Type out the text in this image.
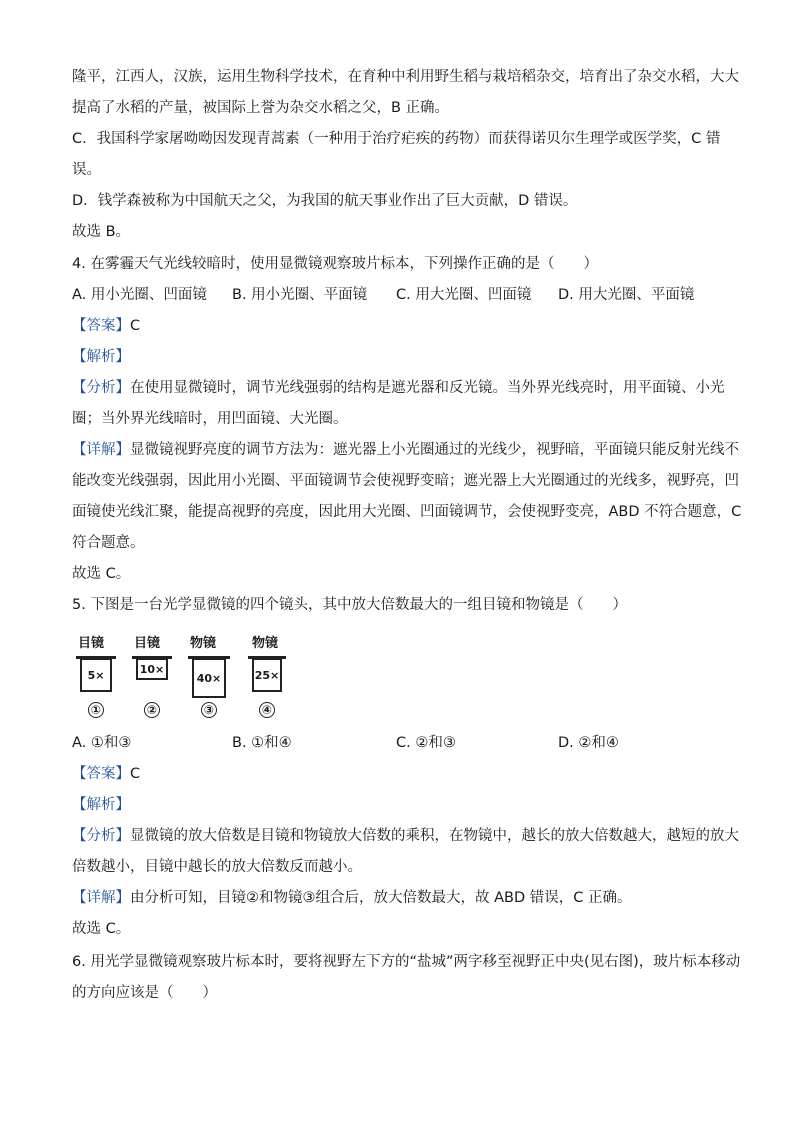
隆平，江西人，汉族，运用生物科学技术，在育种中利用野生稻与栽培稻杂交，培育出了杂交水稻，大大
提高了水稻的产量，被国际上誉为杂交水稻之父，B 正确。
C．我国科学家屠呦呦因发现青蒿素（一种用于治疗疟疾的药物）而获得诺贝尔生理学或医学奖，C 错
误。
D．钱学森被称为中国航天之父，为我国的航天事业作出了巨大贡献，D 错误。
故选 B。
4. 在雾霾天气光线较暗时，使用显微镜观察玻片标本，下列操作正确的是（　　）
A. 用小光圈、凹面镜 B. 用小光圈、平面镜 C. 用大光圈、凹面镜 D. 用大光圈、平面镜
【答案】C
【解析】
【分析】在使用显微镜时，调节光线强弱的结构是遮光器和反光镜。当外界光线亮时，用平面镜、小光
圈；当外界光线暗时，用凹面镜、大光圈。
【详解】显微镜视野亮度的调节方法为：遮光器上小光圈通过的光线少，视野暗，平面镜只能反射光线不
能改变光线强弱，因此用小光圈、平面镜调节会使视野变暗；遮光器上大光圈通过的光线多，视野亮，凹
面镜使光线汇聚，能提高视野的亮度，因此用大光圈、凹面镜调节，会使视野变亮，ABD 不符合题意，C
符合题意。
故选 C。
5. 下图是一台光学显微镜的四个镜头，其中放大倍数最大的一组目镜和物镜是（　　）
目镜 目镜 物镜	物镜
5×	10×
40×	25×
①	②	③	④
A. ①和③	B. ①和④	C. ②和③	D. ②和④
【答案】C
【解析】
【分析】显微镜的放大倍数是目镜和物镜放大倍数的乘积，在物镜中，越长的放大倍数越大，越短的放大
倍数越小，目镜中越长的放大倍数反而越小。
【详解】由分析可知，目镜②和物镜③组合后，放大倍数最大，故 ABD 错误，C 正确。
故选 C。
6. 用光学显微镜观察玻片标本时，要将视野左下方的“盐城”两字移至视野正中央(见右图)，玻片标本移动
的方向应该是（　　）
